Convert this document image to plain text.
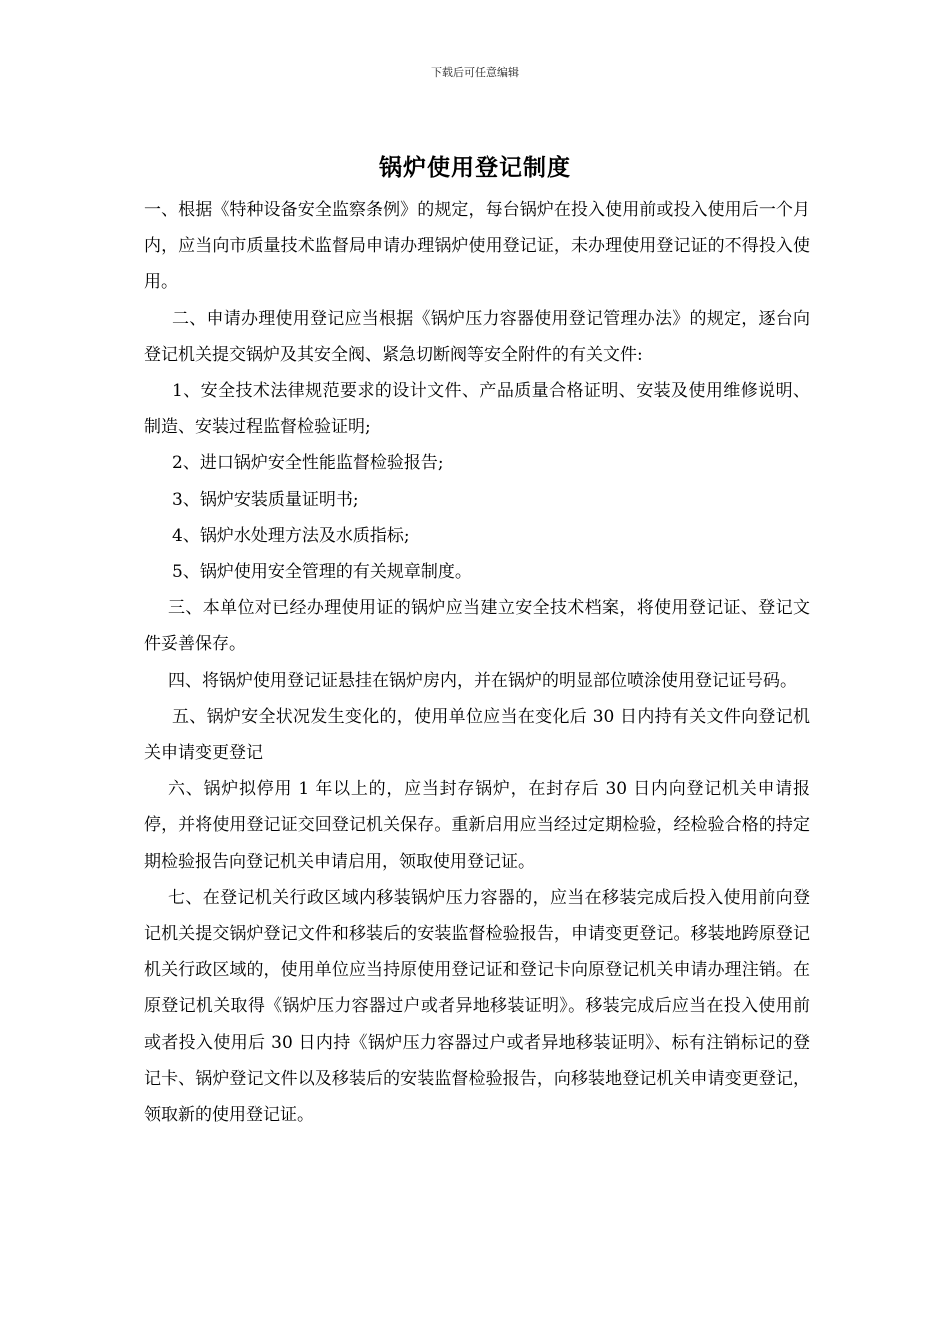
下载后可任意编辑
锅炉使用登记制度

一、根据《特种设备安全监察条例》的规定，每台锅炉在投入使用前或投入使用后一个月内，应当向市质量技术监督局申请办理锅炉使用登记证，未办理使用登记证的不得投入使用。

二、申请办理使用登记应当根据《锅炉压力容器使用登记管理办法》的规定，逐台向登记机关提交锅炉及其安全阀、紧急切断阀等安全附件的有关文件:

1、安全技术法律规范要求的设计文件、产品质量合格证明、安装及使用维修说明、制造、安装过程监督检验证明;

2、进口锅炉安全性能监督检验报告;

3、锅炉安装质量证明书;

4、锅炉水处理方法及水质指标;

5、锅炉使用安全管理的有关规章制度。

三、本单位对已经办理使用证的锅炉应当建立安全技术档案，将使用登记证、登记文件妥善保存。

四、将锅炉使用登记证悬挂在锅炉房内，并在锅炉的明显部位喷涂使用登记证号码。

五、锅炉安全状况发生变化的，使用单位应当在变化后 30 日内持有关文件向登记机关申请变更登记

六、锅炉拟停用 1 年以上的，应当封存锅炉，在封存后 30 日内向登记机关申请报停，并将使用登记证交回登记机关保存。重新启用应当经过定期检验，经检验合格的持定期检验报告向登记机关申请启用，领取使用登记证。

七、在登记机关行政区域内移装锅炉压力容器的，应当在移装完成后投入使用前向登记机关提交锅炉登记文件和移装后的安装监督检验报告，申请变更登记。移装地跨原登记机关行政区域的，使用单位应当持原使用登记证和登记卡向原登记机关申请办理注销。在原登记机关取得《锅炉压力容器过户或者异地移装证明》。移装完成后应当在投入使用前或者投入使用后 30 日内持《锅炉压力容器过户或者异地移装证明》、标有注销标记的登记卡、锅炉登记文件以及移装后的安装监督检验报告，向移装地登记机关申请变更登记，领取新的使用登记证。
